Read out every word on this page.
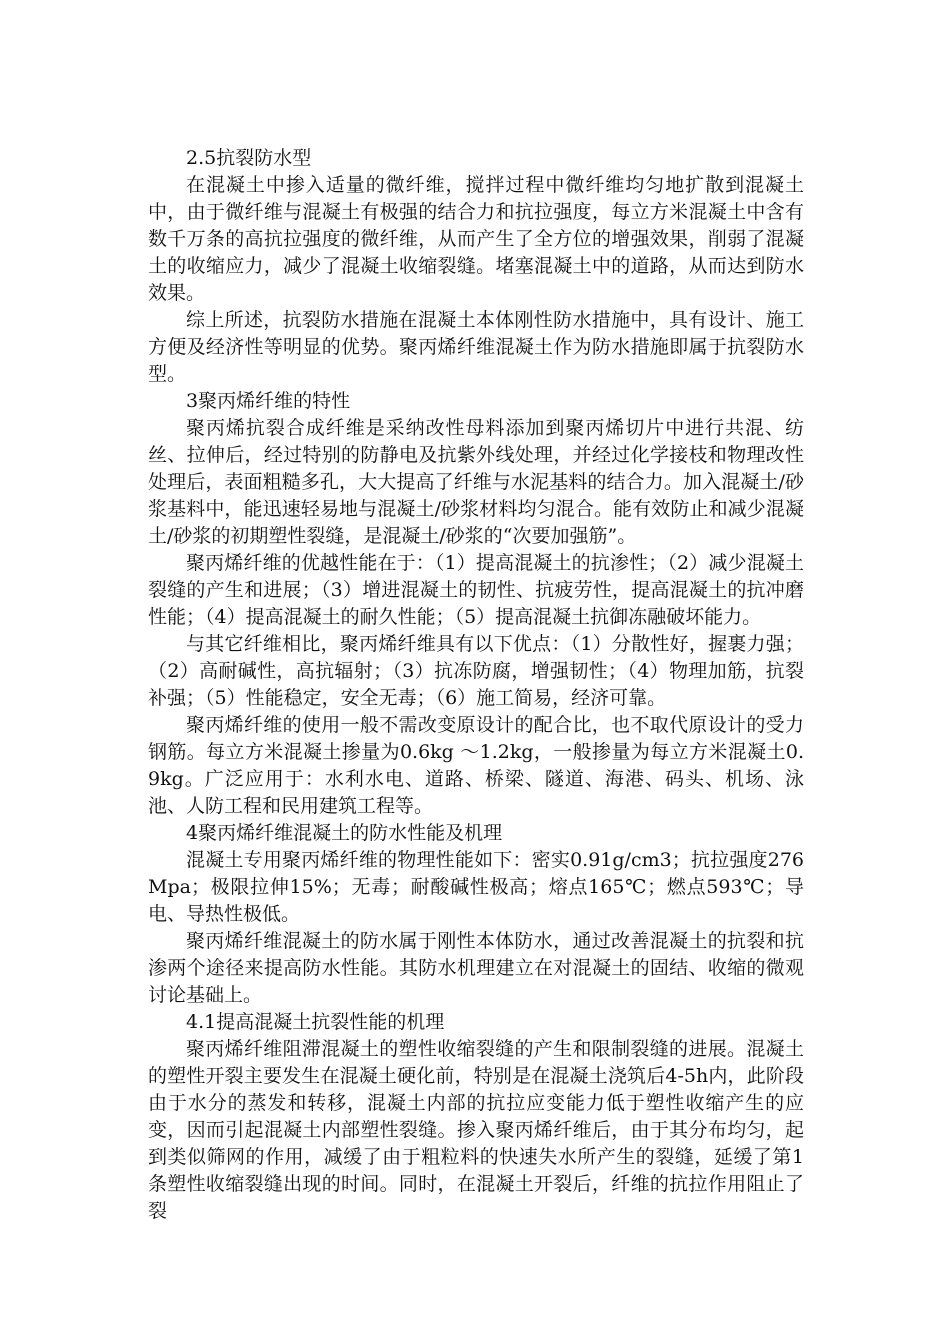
2.5抗裂防水型

在混凝土中掺入适量的微纤维，搅拌过程中微纤维均匀地扩散到混凝土中，由于微纤维与混凝土有极强的结合力和抗拉强度，每立方米混凝土中含有数千万条的高抗拉强度的微纤维，从而产生了全方位的增强效果，削弱了混凝土的收缩应力，减少了混凝土收缩裂缝。堵塞混凝土中的道路，从而达到防水效果。

综上所述，抗裂防水措施在混凝土本体刚性防水措施中，具有设计、施工方便及经济性等明显的优势。聚丙烯纤维混凝土作为防水措施即属于抗裂防水型。

3聚丙烯纤维的特性

聚丙烯抗裂合成纤维是采纳改性母料添加到聚丙烯切片中进行共混、纺丝、拉伸后，经过特别的防静电及抗紫外线处理，并经过化学接枝和物理改性处理后，表面粗糙多孔，大大提高了纤维与水泥基料的结合力。加入混凝土/砂浆基料中，能迅速轻易地与混凝土/砂浆材料均匀混合。能有效防止和减少混凝土/砂浆的初期塑性裂缝，是混凝土/砂浆的“次要加强筋”。

聚丙烯纤维的优越性能在于：（1）提高混凝土的抗渗性；（2）减少混凝土裂缝的产生和进展；（3）增进混凝土的韧性、抗疲劳性，提高混凝土的抗冲磨性能；（4）提高混凝土的耐久性能；（5）提高混凝土抗御冻融破坏能力。

与其它纤维相比，聚丙烯纤维具有以下优点：（1）分散性好，握裹力强；（2）高耐碱性，高抗辐射；（3）抗冻防腐，增强韧性；（4）物理加筋，抗裂补强；（5）性能稳定，安全无毒；（6）施工简易，经济可靠。

聚丙烯纤维的使用一般不需改变原设计的配合比，也不取代原设计的受力钢筋。每立方米混凝土掺量为0.6kg ～1.2kg，一般掺量为每立方米混凝土0.9kg。广泛应用于：水利水电、道路、桥梁、隧道、海港、码头、机场、泳池、人防工程和民用建筑工程等。

4聚丙烯纤维混凝土的防水性能及机理

混凝土专用聚丙烯纤维的物理性能如下：密实0.91g/cm3；抗拉强度276Mpa；极限拉伸15%；无毒；耐酸碱性极高；熔点165℃；燃点593℃；导电、导热性极低。

聚丙烯纤维混凝土的防水属于刚性本体防水，通过改善混凝土的抗裂和抗渗两个途径来提高防水性能。其防水机理建立在对混凝土的固结、收缩的微观讨论基础上。

4.1提高混凝土抗裂性能的机理

聚丙烯纤维阻滞混凝土的塑性收缩裂缝的产生和限制裂缝的进展。混凝土的塑性开裂主要发生在混凝土硬化前，特别是在混凝土浇筑后4-5h内，此阶段由于水分的蒸发和转移，混凝土内部的抗拉应变能力低于塑性收缩产生的应变，因而引起混凝土内部塑性裂缝。掺入聚丙烯纤维后，由于其分布均匀，起到类似筛网的作用，减缓了由于粗粒料的快速失水所产生的裂缝，延缓了第1条塑性收缩裂缝出现的时间。同时，在混凝土开裂后，纤维的抗拉作用阻止了裂
